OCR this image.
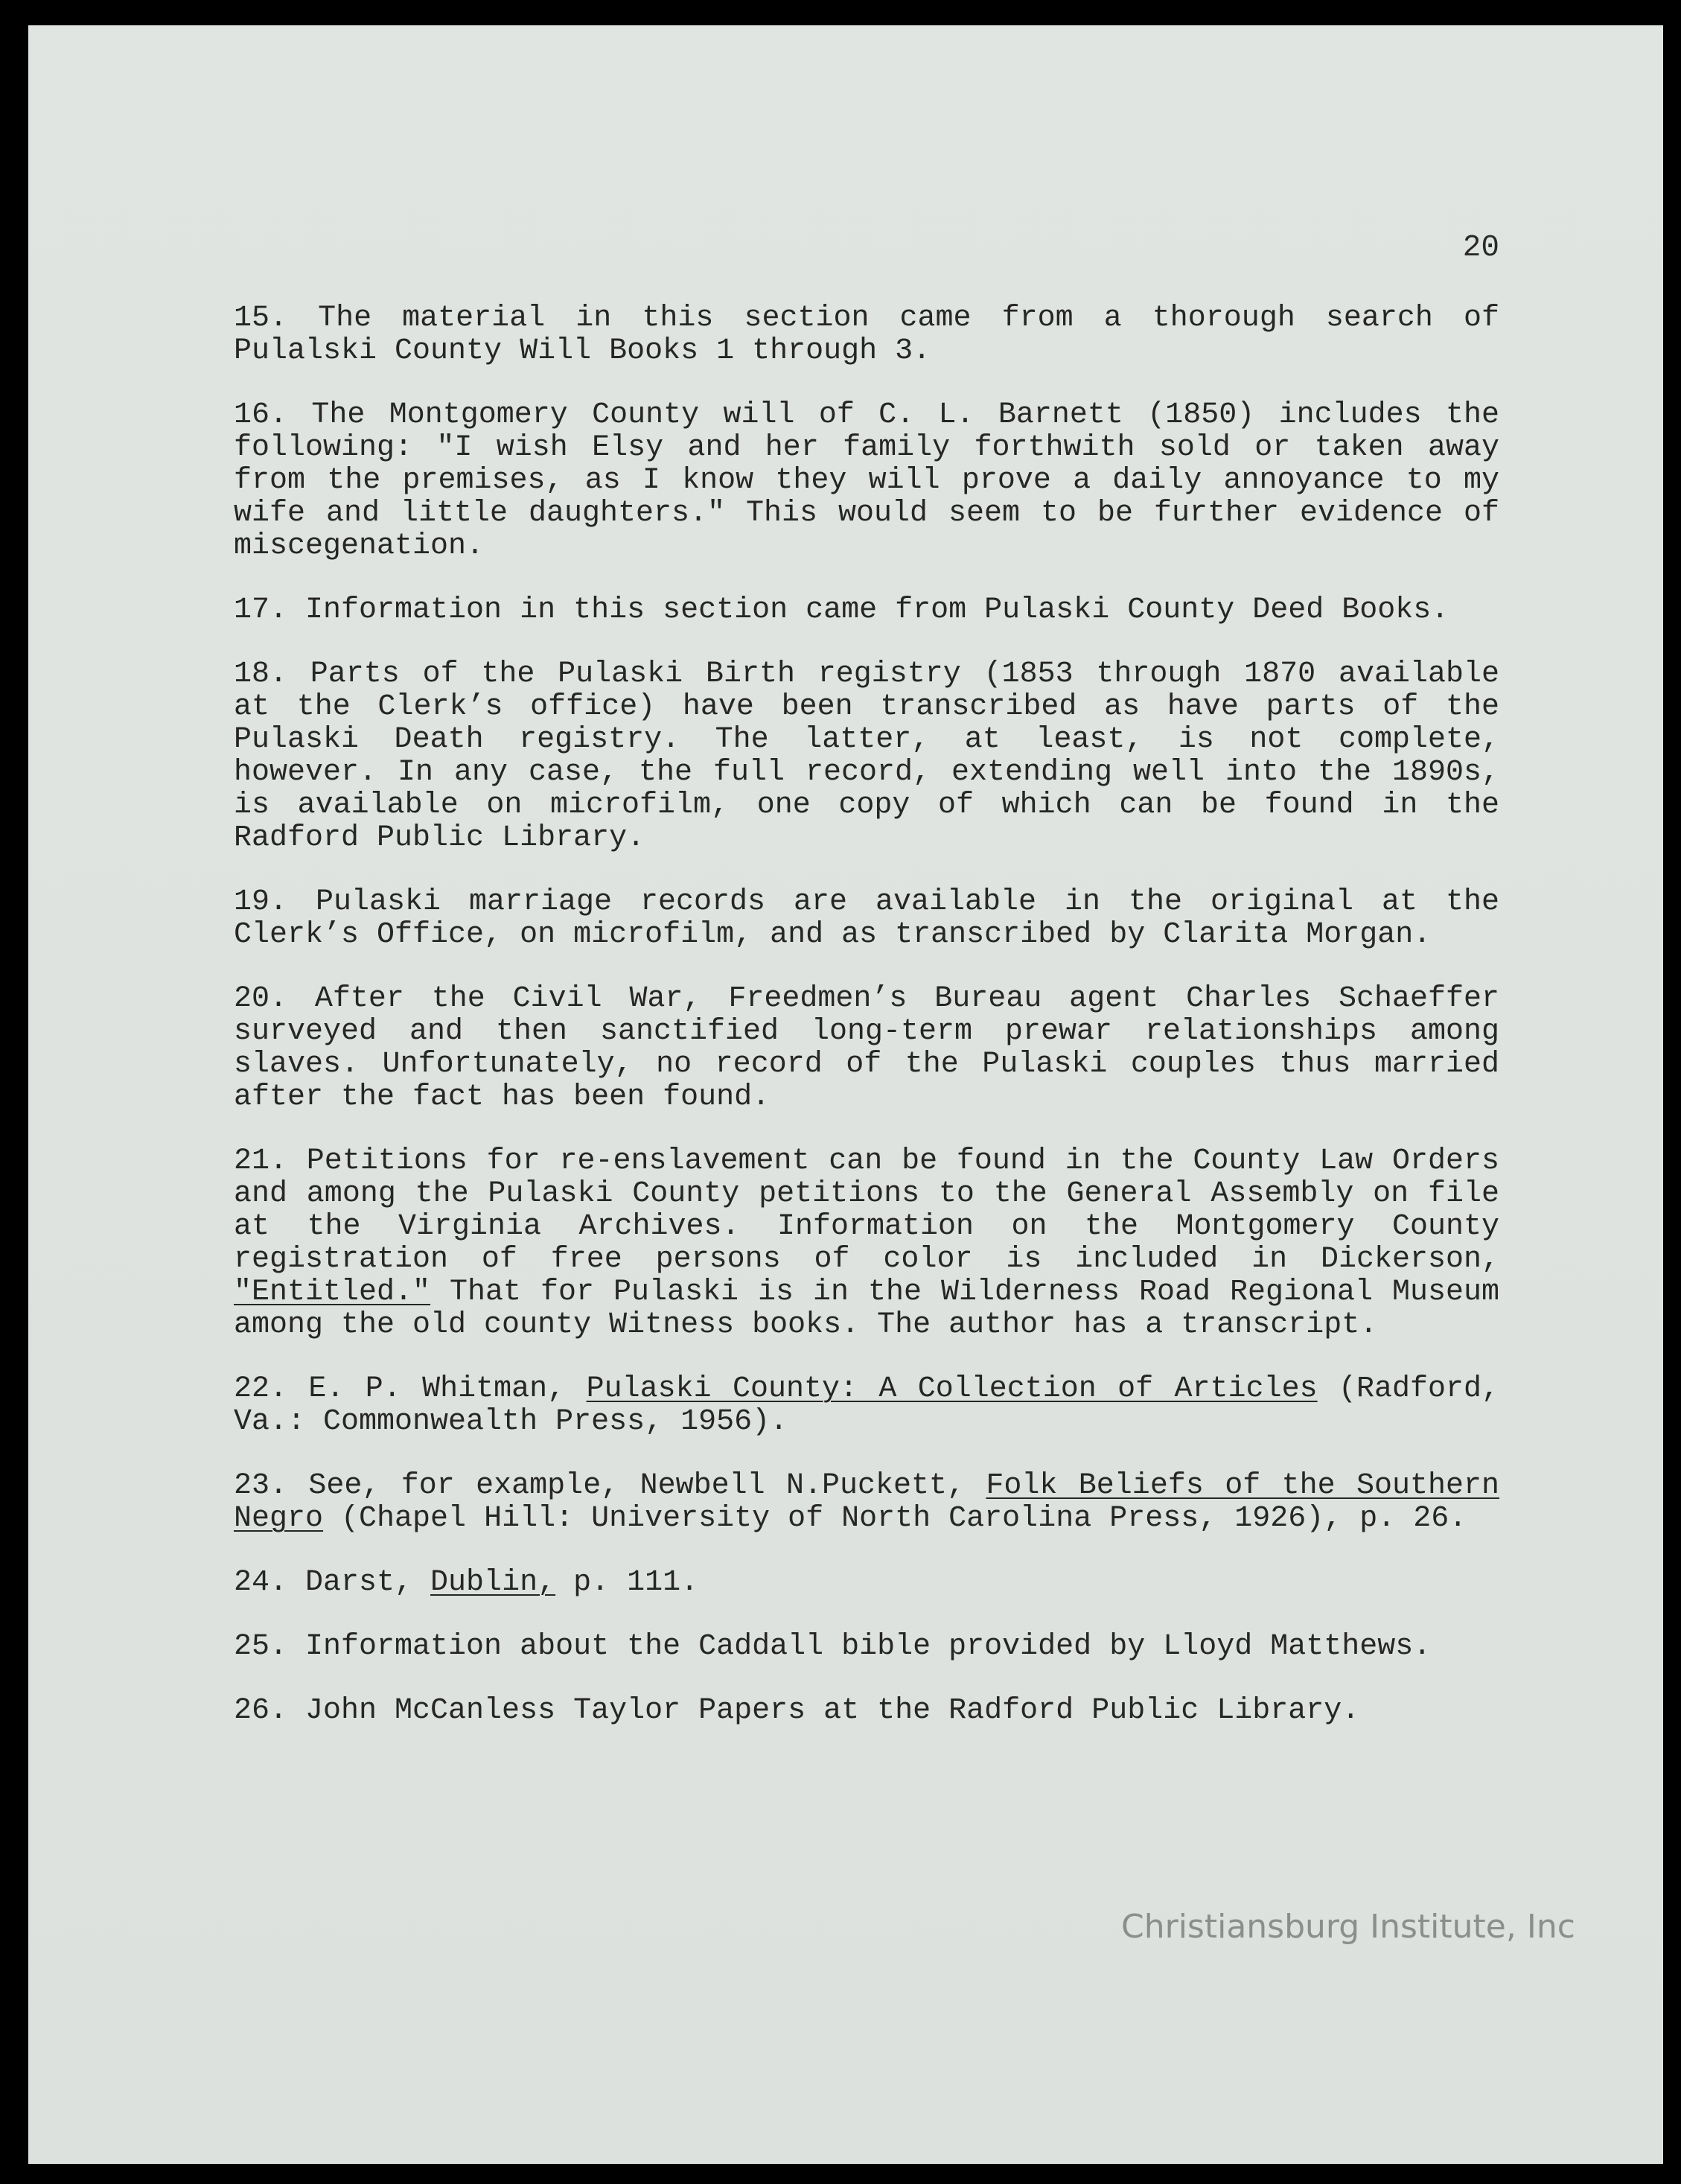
20

15. The material in this section came from a thorough search of Pulalski County Will Books 1 through 3.

16. The Montgomery County will of C. L. Barnett (1850) includes the following: "I wish Elsy and her family forthwith sold or taken away from the premises, as I know they will prove a daily annoyance to my wife and little daughters." This would seem to be further evidence of miscegenation.

17. Information in this section came from Pulaski County Deed Books.

18. Parts of the Pulaski Birth registry (1853 through 1870 available at the Clerk’s office) have been transcribed as have parts of the Pulaski Death registry. The latter, at least, is not complete, however. In any case, the full record, extending well into the 1890s, is available on microfilm, one copy of which can be found in the Radford Public Library.

19. Pulaski marriage records are available in the original at the Clerk’s Office, on microfilm, and as transcribed by Clarita Morgan.

20. After the Civil War, Freedmen’s Bureau agent Charles Schaeffer surveyed and then sanctified long-term prewar relationships among slaves. Unfortunately, no record of the Pulaski couples thus married after the fact has been found.

21. Petitions for re-enslavement can be found in the County Law Orders and among the Pulaski County petitions to the General Assembly on file at the Virginia Archives. Information on the Montgomery County registration of free persons of color is included in Dickerson, "Entitled." That for Pulaski is in the Wilderness Road Regional Museum among the old county Witness books. The author has a transcript.

22. E. P. Whitman, Pulaski County: A Collection of Articles (Radford, Va.: Commonwealth Press, 1956).

23. See, for example, Newbell N.Puckett, Folk Beliefs of the Southern Negro (Chapel Hill: University of North Carolina Press, 1926), p. 26.

24. Darst, Dublin, p. 111.

25. Information about the Caddall bible provided by Lloyd Matthews.

26. John McCanless Taylor Papers at the Radford Public Library.

Christiansburg Institute, Inc
